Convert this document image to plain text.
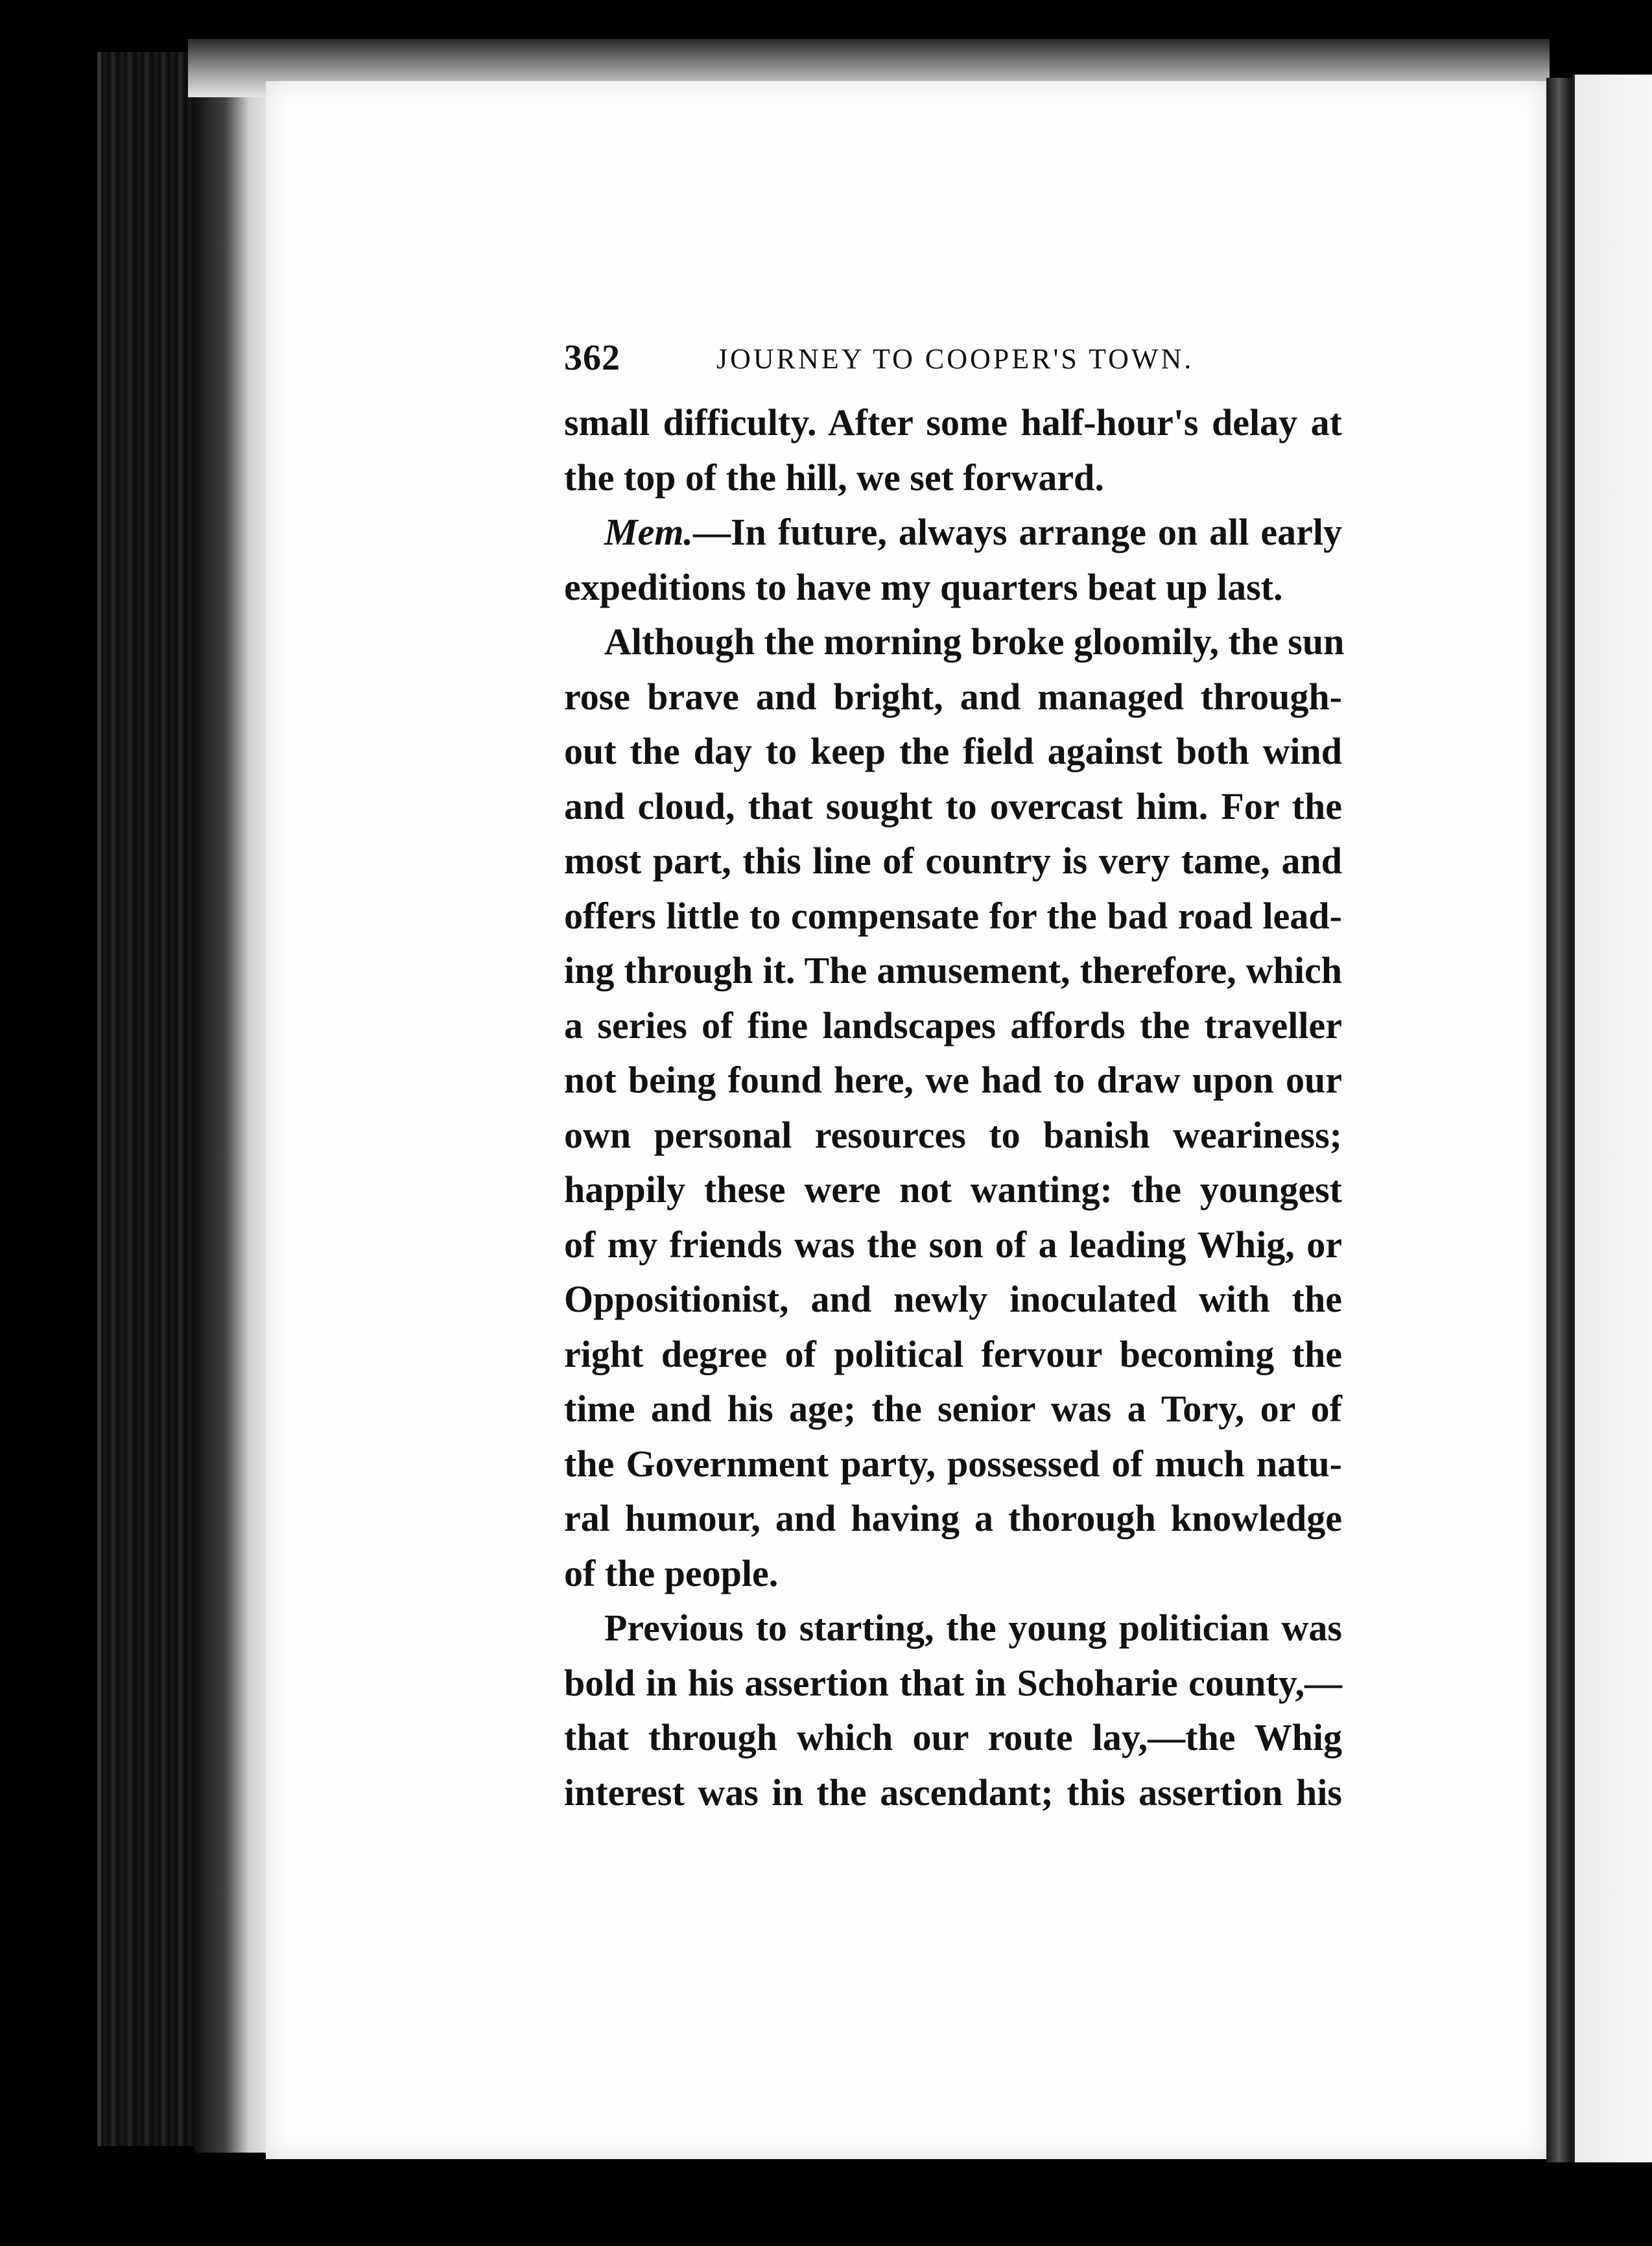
362	JOURNEY TO COOPER'S TOWN.

small difficulty. After some half-hour's delay at
the top of the hill, we set forward.

Mem.—In future, always arrange on all early
expeditions to have my quarters beat up last.

Although the morning broke gloomily, the sun
rose brave and bright, and managed through-
out the day to keep the field against both wind
and cloud, that sought to overcast him. For the
most part, this line of country is very tame, and
offers little to compensate for the bad road lead-
ing through it. The amusement, therefore, which
a series of fine landscapes affords the traveller
not being found here, we had to draw upon our
own personal resources to banish weariness;
happily these were not wanting: the youngest
of my friends was the son of a leading Whig, or
Oppositionist, and newly inoculated with the
right degree of political fervour becoming the
time and his age; the senior was a Tory, or of
the Government party, possessed of much natu-
ral humour, and having a thorough knowledge
of the people.

Previous to starting, the young politician was
bold in his assertion that in Schoharie county,—
that through which our route lay,—the Whig
interest was in the ascendant; this assertion his
